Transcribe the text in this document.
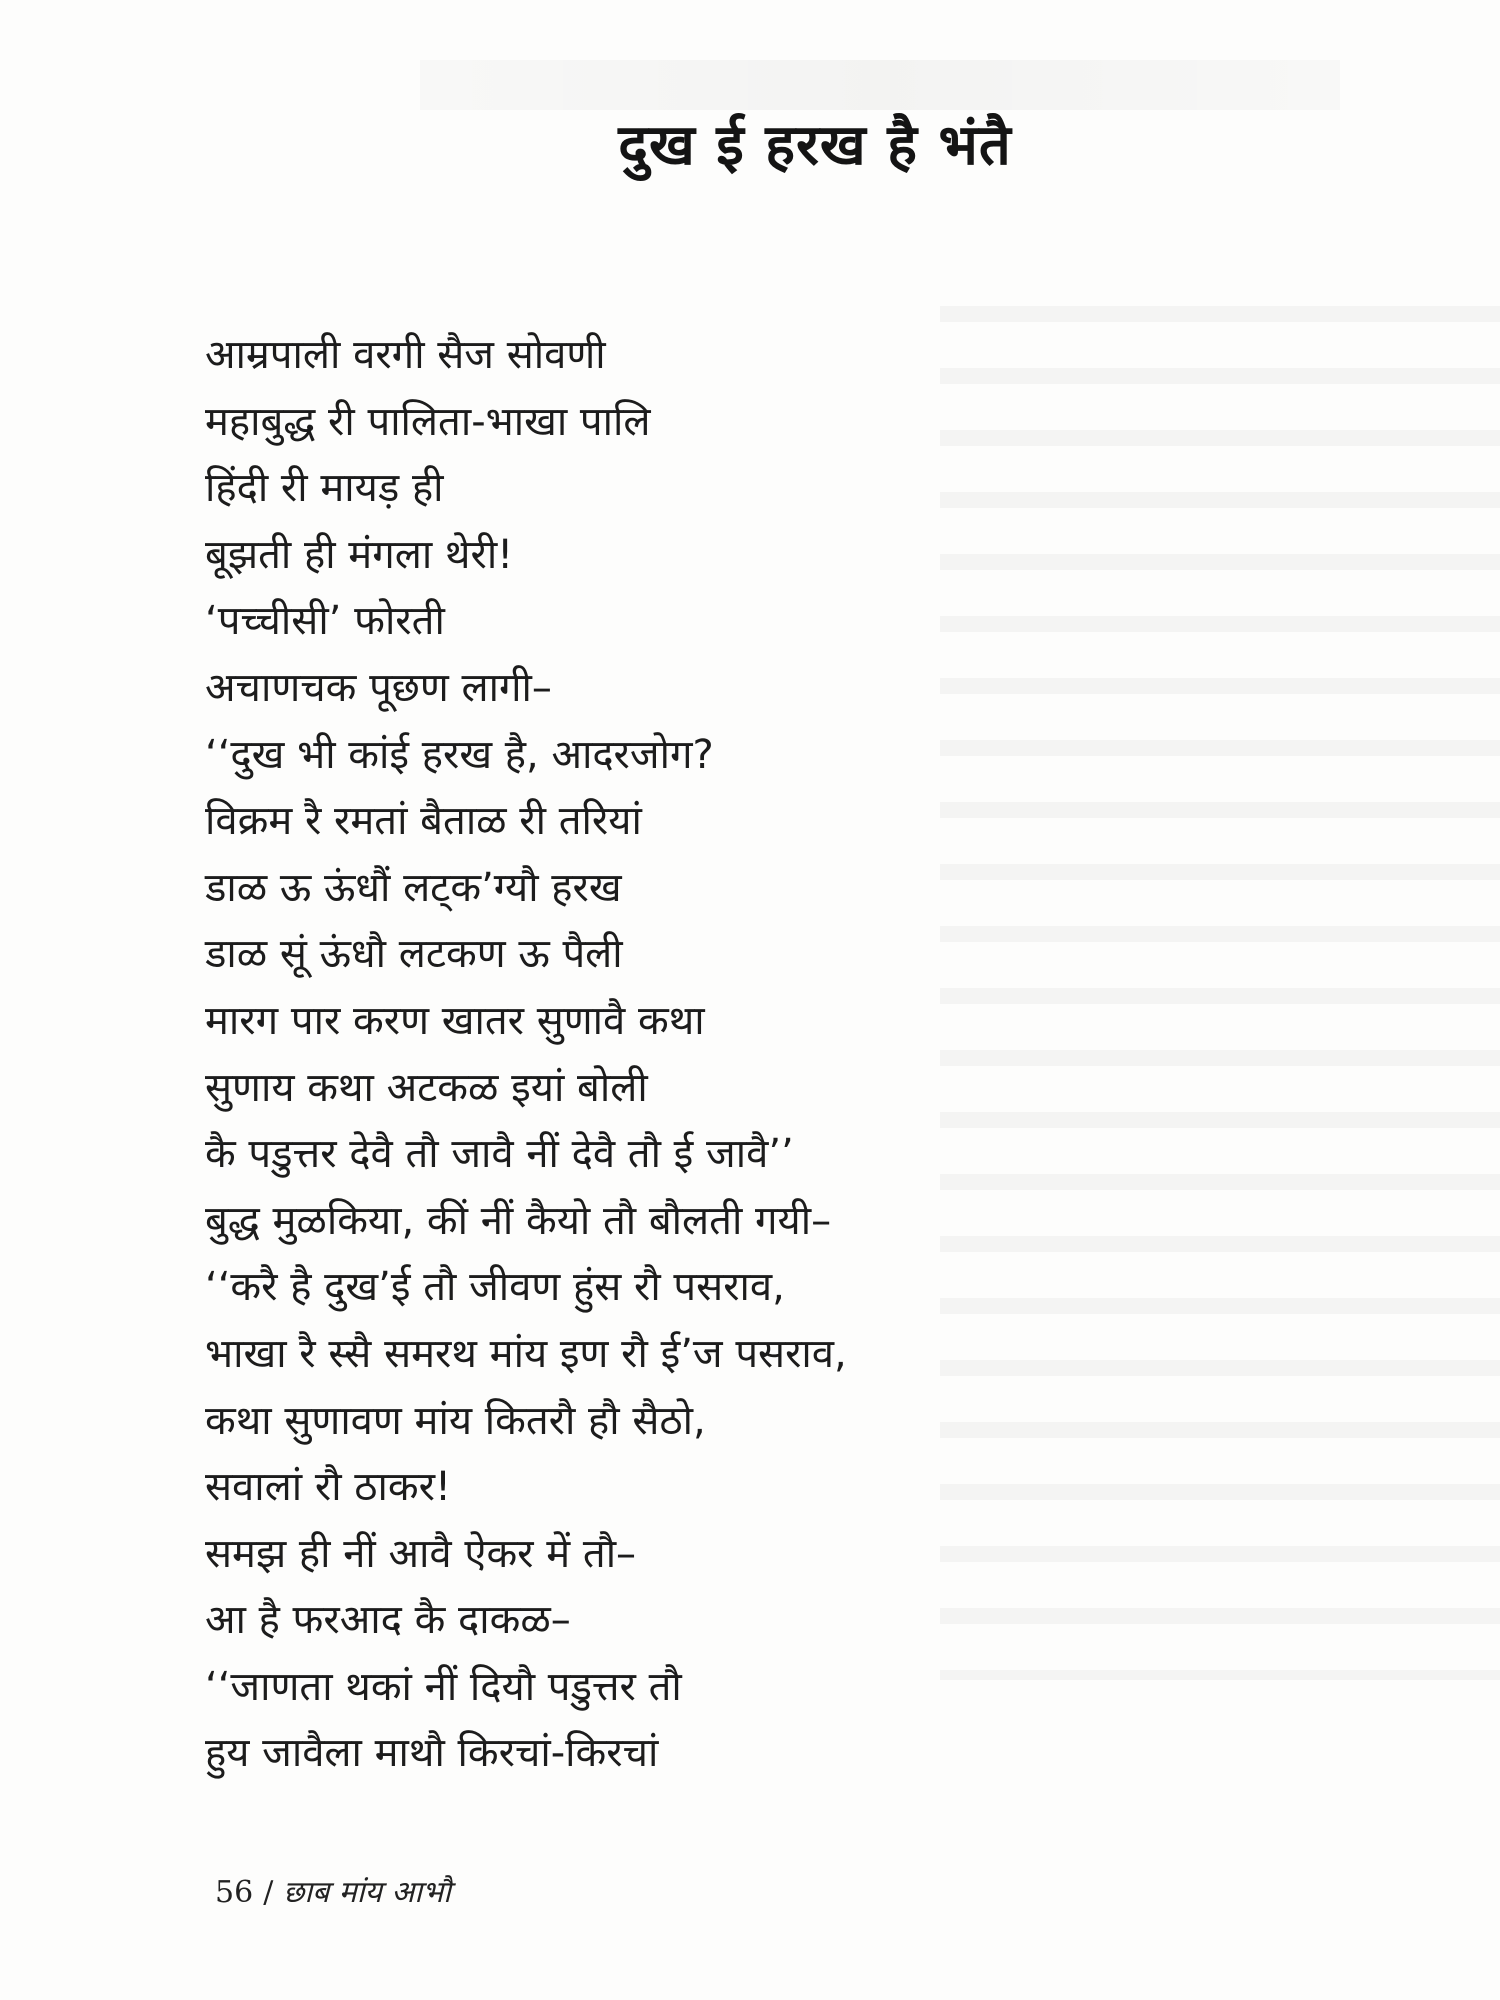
दुख ई हरख है भंतै
आम्रपाली वरगी सैज सोवणी
महाबुद्ध री पालिता-भाखा पालि
हिंदी री मायड़ ही
बूझती ही मंगला थेरी!
‘पच्चीसी’ फोरती
अचाणचक पूछण लागी–
‘‘दुख भी कांई हरख है, आदरजोग?
विक्रम रै रमतां बैताळ री तरियां
डाळ ऊ ऊंधौं लट्क’ग्यौ हरख
डाळ सूं ऊंधौ लटकण ऊ पैली
मारग पार करण खातर सुणावै कथा
सुणाय कथा अटकळ इयां बोली
कै पडुत्तर देवै तौ जावै नीं देवै तौ ई जावै’’
बुद्ध मुळकिया, कीं नीं कैयो तौ बौलती गयी–
‘‘करै है दुख’ई तौ जीवण हुंस रौ पसराव,
भाखा रै स्सै समरथ मांय इण रौ ई’ज पसराव,
कथा सुणावण मांय कितरौ हौ सैठो,
सवालां रौ ठाकर!
समझ ही नीं आवै ऐकर में तौ–
आ है फरआद कै दाकळ–
‘‘जाणता थकां नीं दियौ पडुत्तर तौ
हुय जावैला माथौ किरचां-किरचां
56 / छाब मांय आभौ
